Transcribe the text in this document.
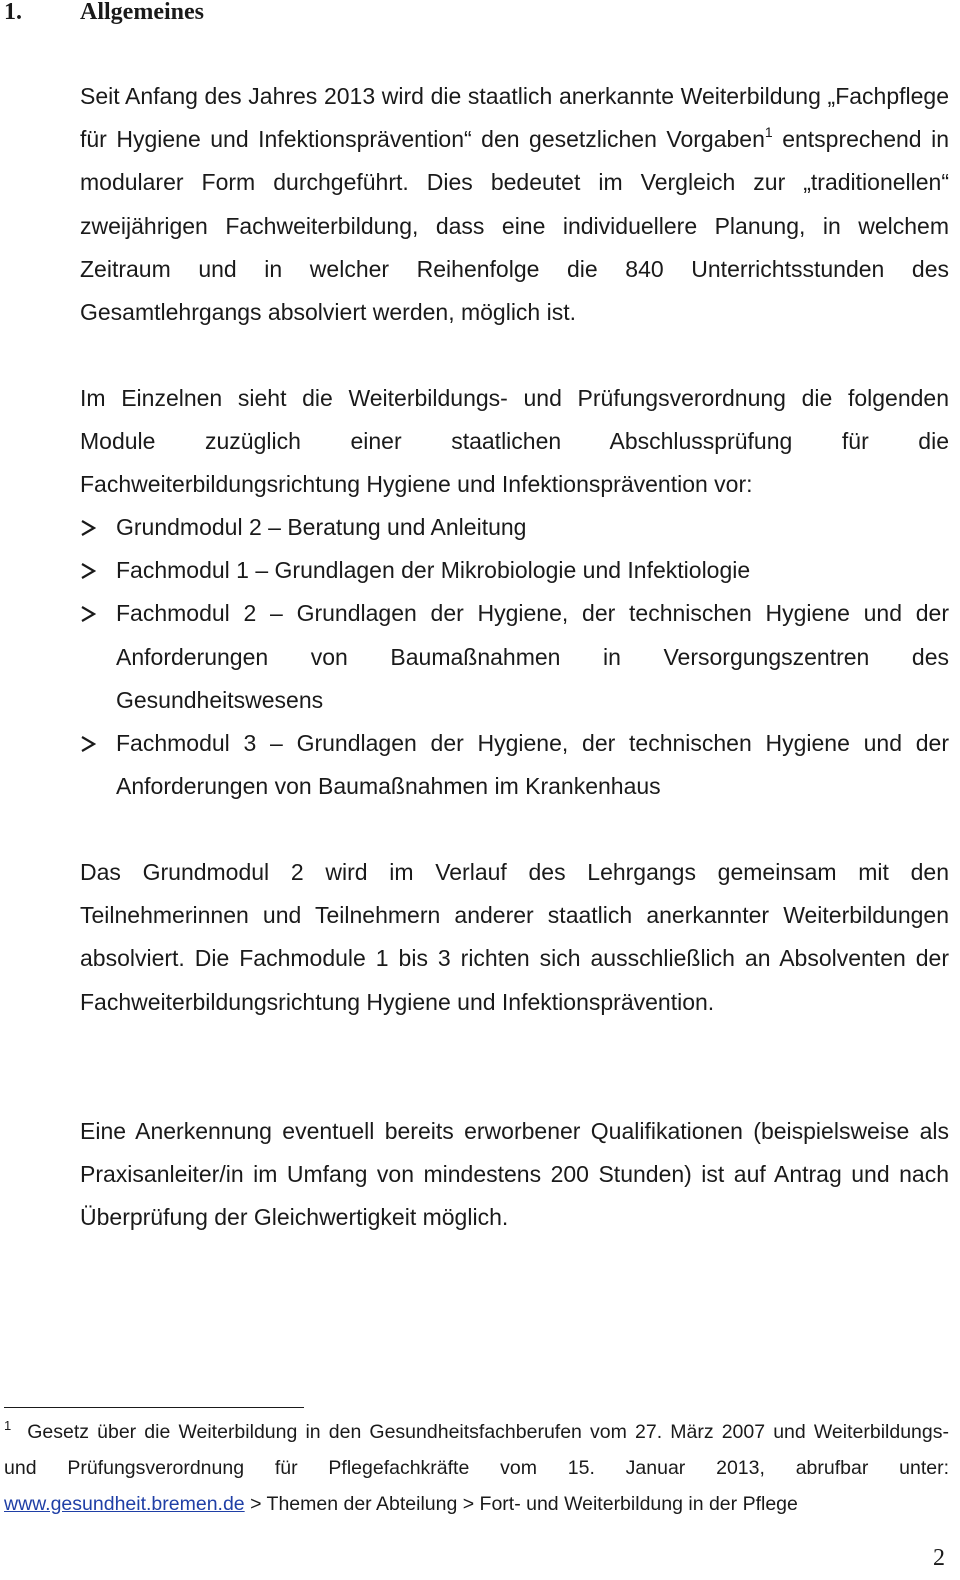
1. Allgemeines

Seit Anfang des Jahres 2013 wird die staatlich anerkannte Weiterbildung „Fachpflege für Hygiene und Infektionsprävention“ den gesetzlichen Vorgaben$^1$ entsprechend in modularer Form durchgeführt. Dies bedeutet im Vergleich zur „traditionellen“ zweijährigen Fachweiterbildung, dass eine individuellere Planung, in welchem Zeitraum und in welcher Reihenfolge die 840 Unterrichtsstunden des Gesamtlehrgangs absolviert werden, möglich ist.

Im Einzelnen sieht die Weiterbildungs- und Prüfungsverordnung die folgenden Module zuzüglich einer staatlichen Abschlussprüfung für die Fachweiterbildungsrichtung Hygiene und Infektionsprävention vor:

Grundmodul 2 – Beratung und Anleitung
Fachmodul 1 – Grundlagen der Mikrobiologie und Infektiologie
Fachmodul 2 – Grundlagen der Hygiene, der technischen Hygiene und der Anforderungen von Baumaßnahmen in Versorgungszentren des Gesundheitswesens
Fachmodul 3 – Grundlagen der Hygiene, der technischen Hygiene und der Anforderungen von Baumaßnahmen im Krankenhaus

Das Grundmodul 2 wird im Verlauf des Lehrgangs gemeinsam mit den Teilnehmerinnen und Teilnehmern anderer staatlich anerkannter Weiterbildungen absolviert. Die Fachmodule 1 bis 3 richten sich ausschließlich an Absolventen der Fachweiterbildungsrichtung Hygiene und Infektionsprävention.

Eine Anerkennung eventuell bereits erworbener Qualifikationen (beispielsweise als Praxisanleiter/in im Umfang von mindestens 200 Stunden) ist auf Antrag und nach Überprüfung der Gleichwertigkeit möglich.

$^1$ Gesetz über die Weiterbildung in den Gesundheitsfachberufen vom 27. März 2007 und Weiterbildungs- und Prüfungsverordnung für Pflegefachkräfte vom 15. Januar 2013, abrufbar unter: www.gesundheit.bremen.de > Themen der Abteilung > Fort- und Weiterbildung in der Pflege

2
